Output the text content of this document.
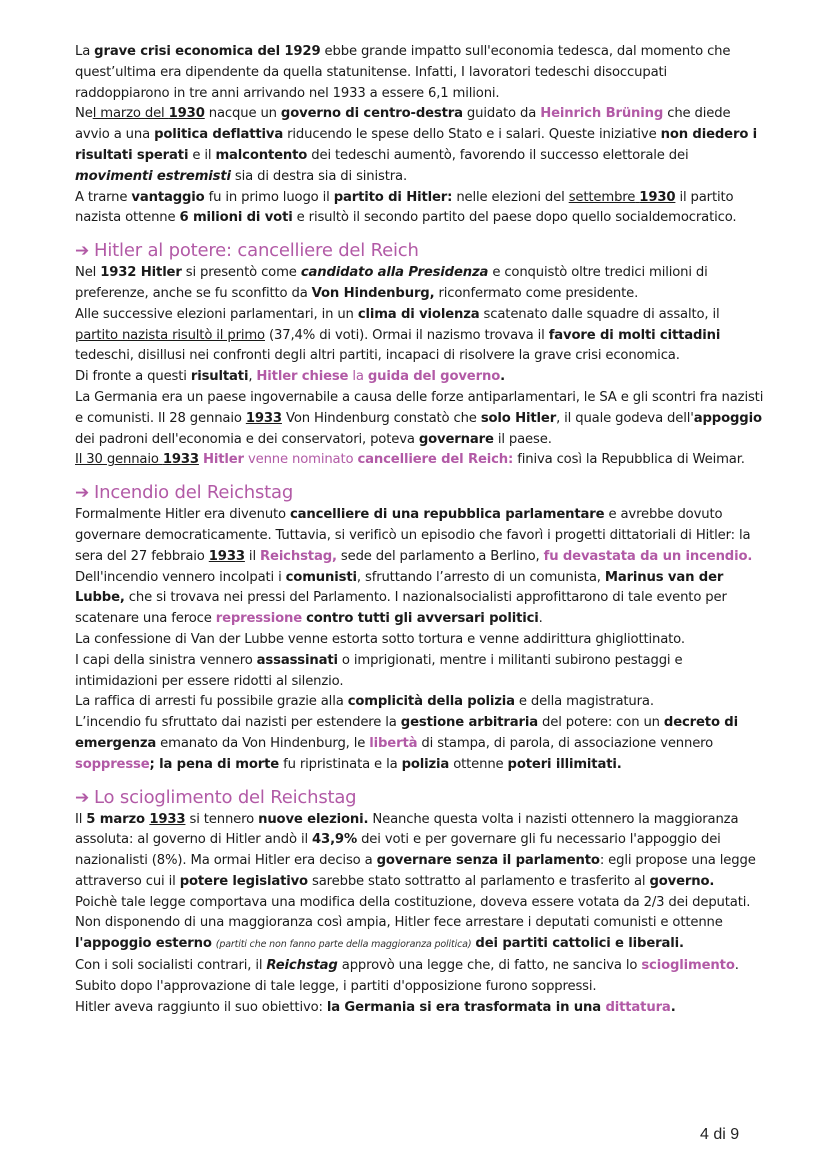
La grave crisi economica del 1929 ebbe grande impatto sull'economia tedesca, dal momento che quest’ultima era dipendente da quella statunitense. Infatti, I lavoratori tedeschi disoccupati raddoppiarono in tre anni arrivando nel 1933 a essere 6,1 milioni.

Nel marzo del 1930 nacque un governo di centro-destra guidato da Heinrich Brüning che diede avvio a una politica deflattiva riducendo le spese dello Stato e i salari. Queste iniziative non diedero i risultati sperati e il malcontento dei tedeschi aumentò, favorendo il successo elettorale dei movimenti estremisti sia di destra sia di sinistra.

A trarne vantaggio fu in primo luogo il partito di Hitler: nelle elezioni del settembre 1930 il partito nazista ottenne 6 milioni di voti e risultò il secondo partito del paese dopo quello socialdemocratico.

➔ Hitler al potere: cancelliere del Reich

Nel 1932 Hitler si presentò come candidato alla Presidenza e conquistò oltre tredici milioni di preferenze, anche se fu sconfitto da Von Hindenburg, riconfermato come presidente.

Alle successive elezioni parlamentari, in un clima di violenza scatenato dalle squadre di assalto, il partito nazista risultò il primo (37,4% di voti). Ormai il nazismo trovava il favore di molti cittadini tedeschi, disillusi nei confronti degli altri partiti, incapaci di risolvere la grave crisi economica.

Di fronte a questi risultati, Hitler chiese la guida del governo.

La Germania era un paese ingovernabile a causa delle forze antiparlamentari, le SA e gli scontri fra nazisti e comunisti. Il 28 gennaio 1933 Von Hindenburg constatò che solo Hitler, il quale godeva dell'appoggio dei padroni dell'economia e dei conservatori, poteva governare il paese.

Il 30 gennaio 1933 Hitler venne nominato cancelliere del Reich: finiva così la Repubblica di Weimar.

➔ Incendio del Reichstag

Formalmente Hitler era divenuto cancelliere di una repubblica parlamentare e avrebbe dovuto governare democraticamente. Tuttavia, si verificò un episodio che favorì i progetti dittatoriali di Hitler: la sera del 27 febbraio 1933 il Reichstag, sede del parlamento a Berlino, fu devastata da un incendio. Dell'incendio vennero incolpati i comunisti, sfruttando l’arresto di un comunista, Marinus van der Lubbe, che si trovava nei pressi del Parlamento. I nazionalsocialisti approfittarono di tale evento per scatenare una feroce repressione contro tutti gli avversari politici.

La confessione di Van der Lubbe venne estorta sotto tortura e venne addirittura ghigliottinato.

I capi della sinistra vennero assassinati o imprigionati, mentre i militanti subirono pestaggi e intimidazioni per essere ridotti al silenzio.

La raffica di arresti fu possibile grazie alla complicità della polizia e della magistratura.

L’incendio fu sfruttato dai nazisti per estendere la gestione arbitraria del potere: con un decreto di emergenza emanato da Von Hindenburg, le libertà di stampa, di parola, di associazione vennero soppresse; la pena di morte fu ripristinata e la polizia ottenne poteri illimitati.

➔ Lo scioglimento del Reichstag

Il 5 marzo 1933 si tennero nuove elezioni. Neanche questa volta i nazisti ottennero la maggioranza assoluta: al governo di Hitler andò il 43,9% dei voti e per governare gli fu necessario l'appoggio dei nazionalisti (8%). Ma ormai Hitler era deciso a governare senza il parlamento: egli propose una legge attraverso cui il potere legislativo sarebbe stato sottratto al parlamento e trasferito al governo.

Poichè tale legge comportava una modifica della costituzione, doveva essere votata da 2/3 dei deputati. Non disponendo di una maggioranza così ampia, Hitler fece arrestare i deputati comunisti e ottenne l'appoggio esterno (partiti che non fanno parte della maggioranza politica) dei partiti cattolici e liberali.

Con i soli socialisti contrari, il Reichstag approvò una legge che, di fatto, ne sanciva lo scioglimento.

Subito dopo l'approvazione di tale legge, i partiti d'opposizione furono soppressi.

Hitler aveva raggiunto il suo obiettivo: la Germania si era trasformata in una dittatura.

4 di 9
